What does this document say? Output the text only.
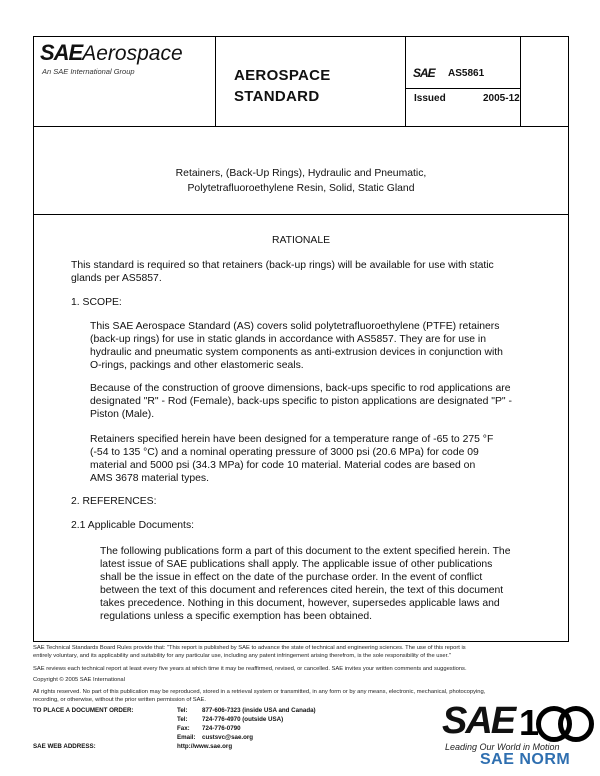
SAEAerospace
An SAE International Group	AEROSPACE
STANDARD
SAE AS5861
Issued	2005-12
Retainers, (Back-Up Rings), Hydraulic and Pneumatic,
Polytetrafluoroethylene Resin, Solid, Static Gland
RATIONALE
This standard is required so that retainers (back-up rings) will be available for use with static
glands per AS5857.
1. SCOPE:
This SAE Aerospace Standard (AS) covers solid polytetrafluoroethylene (PTFE) retainers
(back-up rings) for use in static glands in accordance with AS5857. They are for use in
hydraulic and pneumatic system components as anti-extrusion devices in conjunction with
O-rings, packings and other elastomeric seals.
Because of the construction of groove dimensions, back-ups specific to rod applications are
designated "R" - Rod (Female), back-ups specific to piston applications are designated "P" -
Piston (Male).
Retainers specified herein have been designed for a temperature range of -65 to 275 °F
(-54 to 135 °C) and a nominal operating pressure of 3000 psi (20.6 MPa) for code 09
material and 5000 psi (34.3 MPa) for code 10 material. Material codes are based on
AMS 3678 material types.
2. REFERENCES:
2.1 Applicable Documents:
The following publications form a part of this document to the extent specified herein. The
latest issue of SAE publications shall apply. The applicable issue of other publications
shall be the issue in effect on the date of the purchase order. In the event of conflict
between the text of this document and references cited herein, the text of this document
takes precedence. Nothing in this document, however, supersedes applicable laws and
regulations unless a specific exemption has been obtained.
SAE Technical Standards Board Rules provide that: "This report is published by SAE to advance the state of technical and engineering sciences. The use of this report is
entirely voluntary, and its applicability and suitability for any particular use, including any patent infringement arising therefrom, is the sole responsibility of the user."
SAE reviews each technical report at least every five years at which time it may be reaffirmed, revised, or cancelled. SAE invites your written comments and suggestions.
Copyright © 2005 SAE International
All rights reserved. No part of this publication may be reproduced, stored in a retrieval system or transmitted, in any form or by any means, electronic, mechanical, photocopying,
recording, or otherwise, without the prior written permission of SAE.
TO PLACE A DOCUMENT ORDER:	Tel: 877-606-7323 (inside USA and Canada)
Tel: 724-776-4970 (outside USA)
Fax: 724-776-0790
Email: custsvc@sae.org
SAE WEB ADDRESS:	http://www.sae.org
SAE 1
Leading Our World in Motion
SAE NORM
